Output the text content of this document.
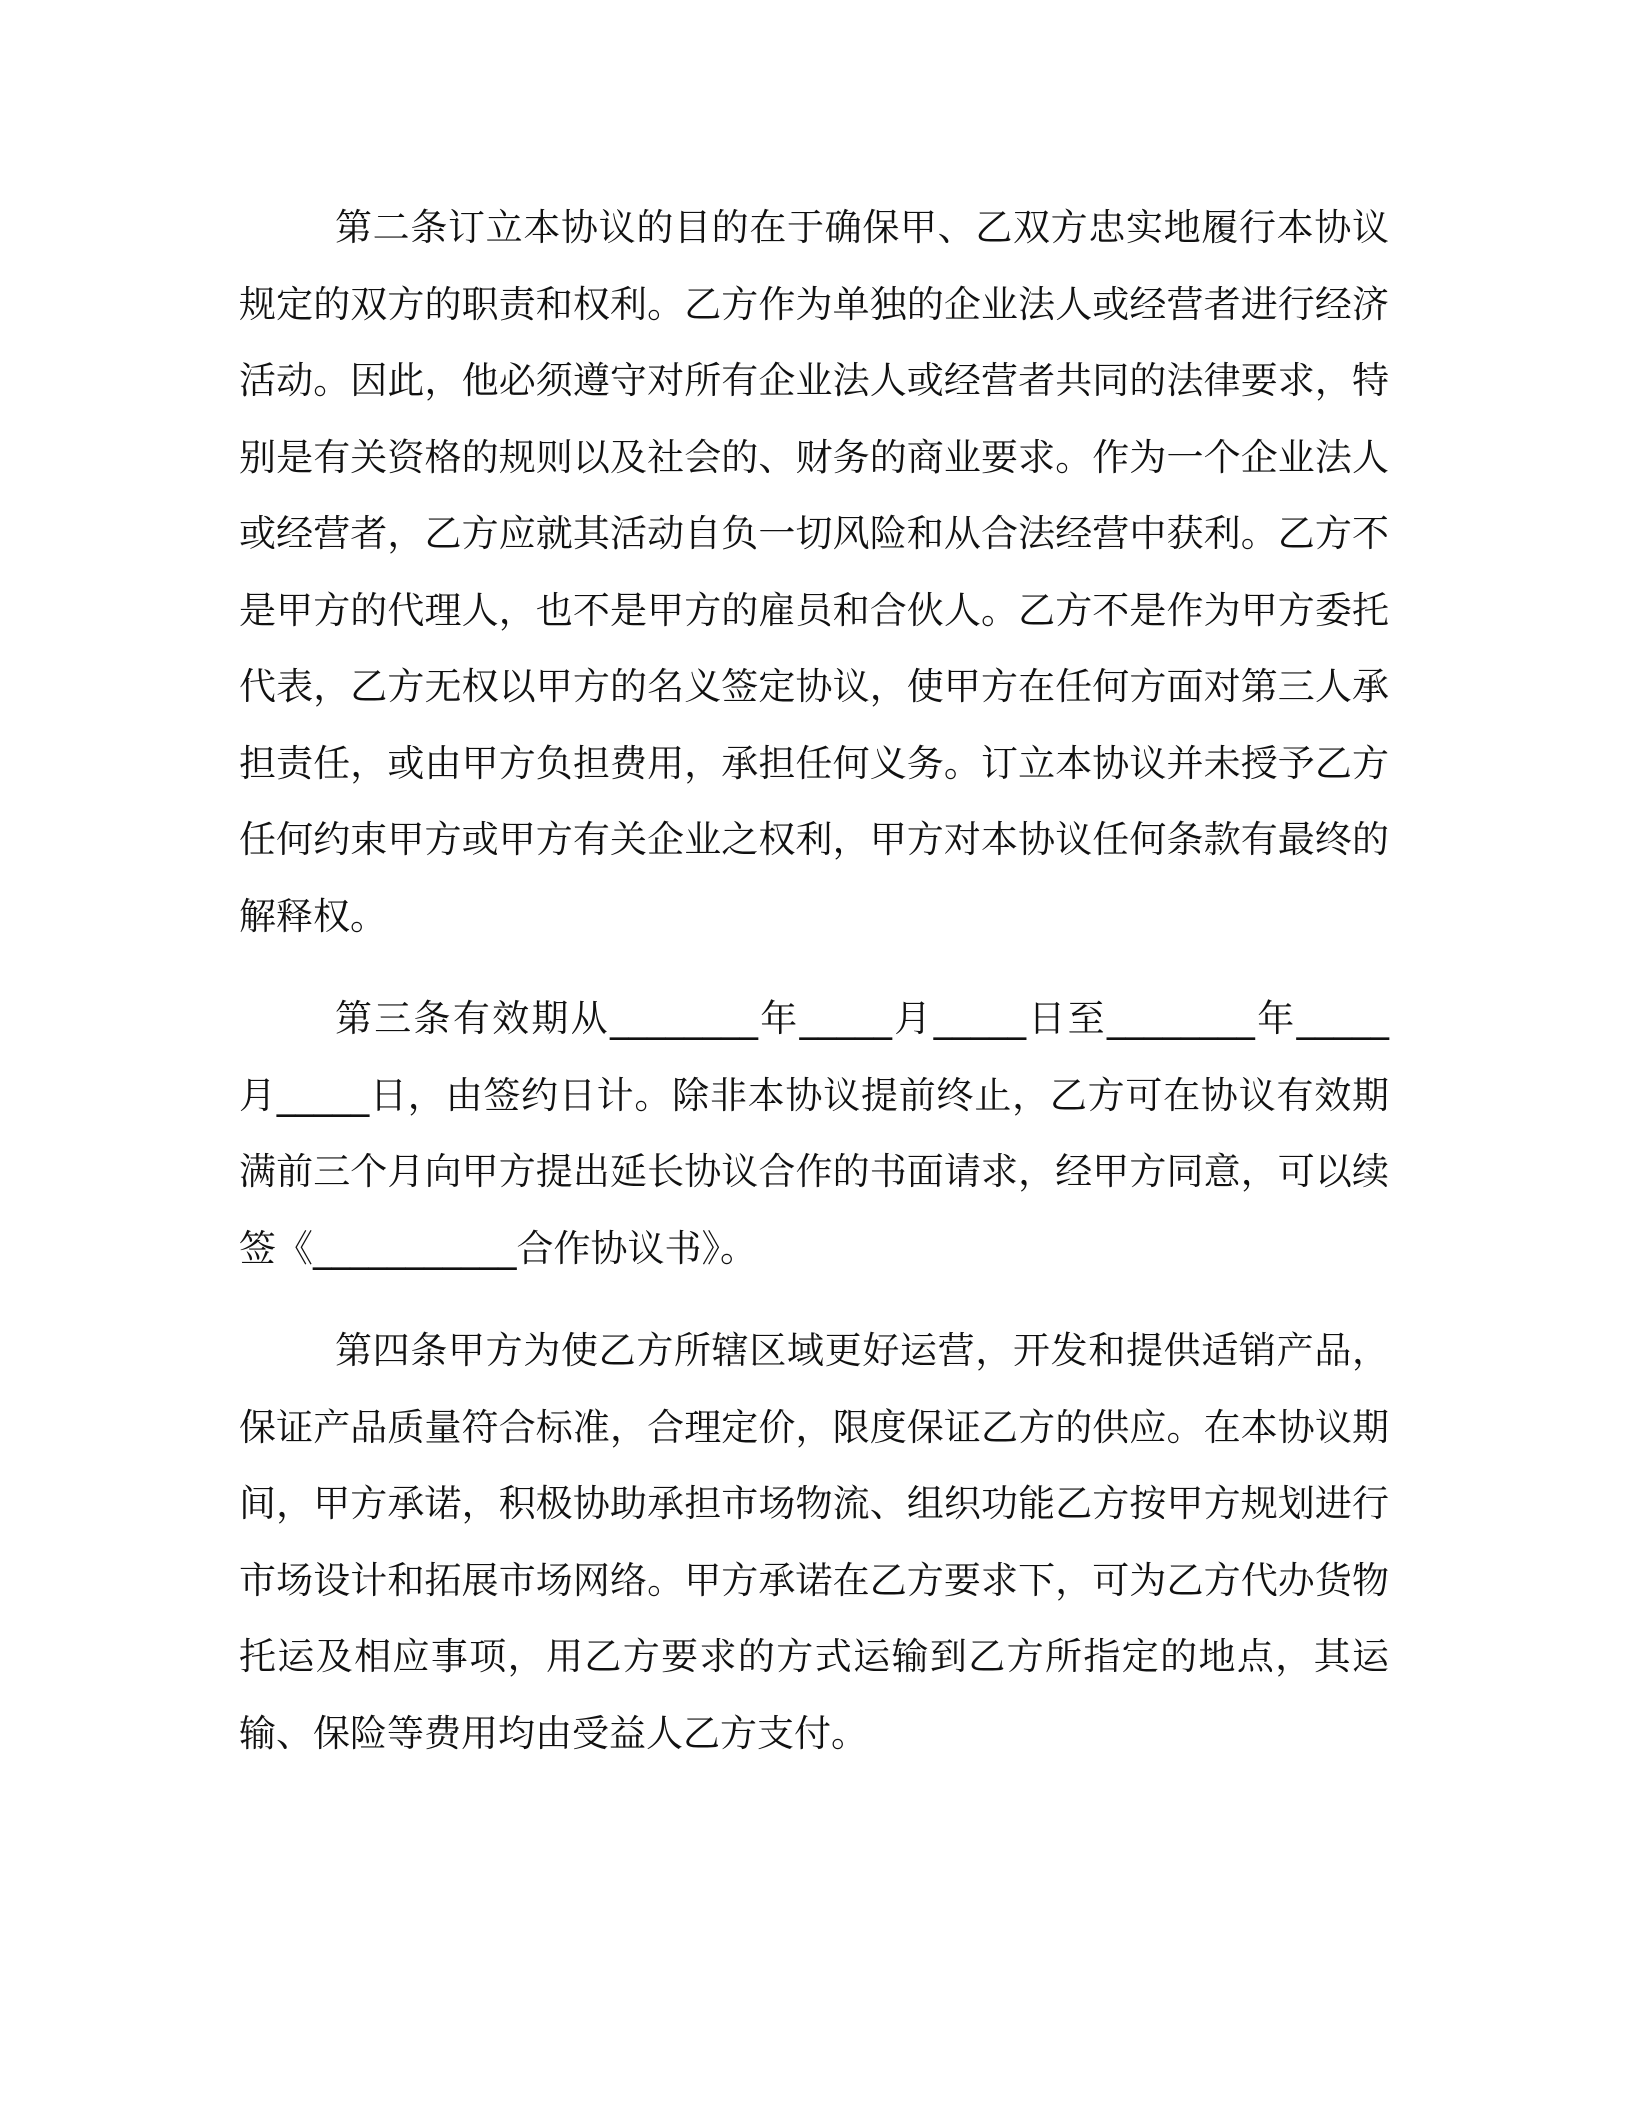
第二条订立本协议的目的在于确保甲、乙双方忠实地履行本协议规定的双方的职责和权利。乙方作为单独的企业法人或经营者进行经济活动。因此，他必须遵守对所有企业法人或经营者共同的法律要求，特别是有关资格的规则以及社会的、财务的商业要求。作为一个企业法人或经营者，乙方应就其活动自负一切风险和从合法经营中获利。乙方不是甲方的代理人，也不是甲方的雇员和合伙人。乙方不是作为甲方委托代表，乙方无权以甲方的名义签定协议，使甲方在任何方面对第三人承担责任，或由甲方负担费用，承担任何义务。订立本协议并未授予乙方任何约束甲方或甲方有关企业之权利，甲方对本协议任何条款有最终的解释权。

第三条有效期从________年_____月_____日至________年_____月_____日，由签约日计。除非本协议提前终止，乙方可在协议有效期满前三个月向甲方提出延长协议合作的书面请求，经甲方同意，可以续签《___________合作协议书》。

第四条甲方为使乙方所辖区域更好运营，开发和提供适销产品，保证产品质量符合标准，合理定价，限度保证乙方的供应。在本协议期间，甲方承诺，积极协助承担市场物流、组织功能乙方按甲方规划进行市场设计和拓展市场网络。甲方承诺在乙方要求下，可为乙方代办货物托运及相应事项，用乙方要求的方式运输到乙方所指定的地点，其运输、保险等费用均由受益人乙方支付。
